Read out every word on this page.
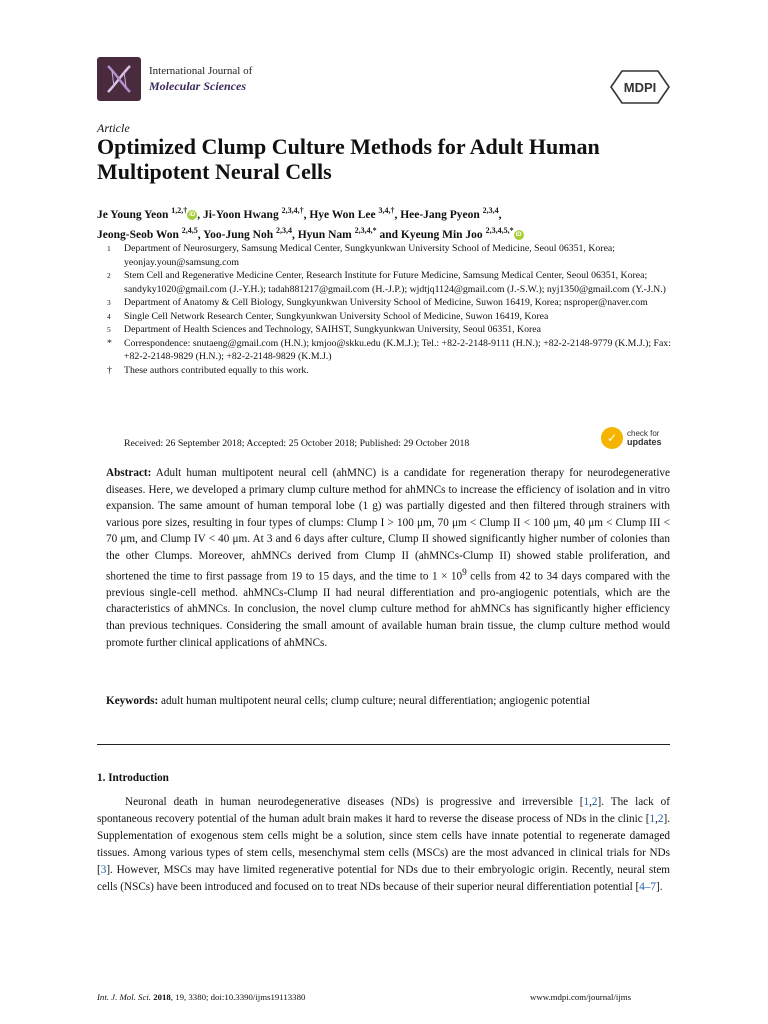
International Journal of
Molecular Sciences	MDPI
Article
Optimized Clump Culture Methods for Adult Human Multipotent Neural Cells
Je Young Yeon $^{1,2,\dagger}$iD , Ji-Yoon Hwang $^{2,3,4,\dagger}$, Hye Won Lee $^{3,4,\dagger}$, Hee-Jang Pyeon $^{2,3,4}$,
Jeong-Seob Won $^{2,4,5}$, Yoo-Jung Noh $^{2,3,4}$, Hyun Nam $^{2,3,4,*}$ and Kyeung Min Joo $^{2,3,4,5,*}$iD
1	Department of Neurosurgery, Samsung Medical Center, Sungkyunkwan University School of Medicine, Seoul 06351, Korea; yeonjay.youn@samsung.com
2	Stem Cell and Regenerative Medicine Center, Research Institute for Future Medicine, Samsung Medical Center, Seoul 06351, Korea; sandyky1020@gmail.com (J.-Y.H.); tadah881217@gmail.com (H.-J.P.); wjdtjq1124@gmail.com (J.-S.W.); nyj1350@gmail.com (Y.-J.N.)
3	Department of Anatomy & Cell Biology, Sungkyunkwan University School of Medicine, Suwon 16419, Korea; nsproper@naver.com
4	Single Cell Network Research Center, Sungkyunkwan University School of Medicine, Suwon 16419, Korea
5	Department of Health Sciences and Technology, SAIHST, Sungkyunkwan University, Seoul 06351, Korea
*	Correspondence: snutaeng@gmail.com (H.N.); kmjoo@skku.edu (K.M.J.); Tel.: +82-2-2148-9111 (H.N.); +82-2-2148-9779 (K.M.J.); Fax: +82-2-2148-9829 (H.N.); +82-2-2148-9829 (K.M.J.)
†	These authors contributed equally to this work.
Received: 26 September 2018; Accepted: 25 October 2018; Published: 29 October 2018	✓	check for
updates
Abstract: Adult human multipotent neural cell (ahMNC) is a candidate for regeneration therapy for neurodegenerative diseases. Here, we developed a primary clump culture method for ahMNCs to increase the efficiency of isolation and in vitro expansion. The same amount of human temporal lobe (1 g) was partially digested and then filtered through strainers with various pore sizes, resulting in four types of clumps: Clump I > 100 μm, 70 μm < Clump II < 100 μm, 40 μm < Clump III < 70 μm, and Clump IV < 40 μm. At 3 and 6 days after culture, Clump II showed significantly higher number of colonies than the other Clumps. Moreover, ahMNCs derived from Clump II (ahMNCs-Clump II) showed stable proliferation, and shortened the time to first passage from 19 to 15 days, and the time to $1 \times 10^9$ cells from 42 to 34 days compared with the previous single-cell method. ahMNCs-Clump II had neural differentiation and pro-angiogenic potentials, which are the characteristics of ahMNCs. In conclusion, the novel clump culture method for ahMNCs has significantly higher efficiency than previous techniques. Considering the small amount of available human brain tissue, the clump culture method would promote further clinical applications of ahMNCs.
Keywords: adult human multipotent neural cells; clump culture; neural differentiation; angiogenic potential
1. Introduction
Neuronal death in human neurodegenerative diseases (NDs) is progressive and irreversible [1,2]. The lack of spontaneous recovery potential of the human adult brain makes it hard to reverse the disease process of NDs in the clinic [1,2]. Supplementation of exogenous stem cells might be a solution, since stem cells have innate potential to regenerate damaged tissues. Among various types of stem cells, mesenchymal stem cells (MSCs) are the most advanced in clinical trials for NDs [3]. However, MSCs may have limited regenerative potential for NDs due to their embryologic origin. Recently, neural stem cells (NSCs) have been introduced and focused on to treat NDs because of their superior neural differentiation potential [4–7].
Int. J. Mol. Sci. 2018, 19, 3380; doi:10.3390/ijms19113380	www.mdpi.com/journal/ijms
